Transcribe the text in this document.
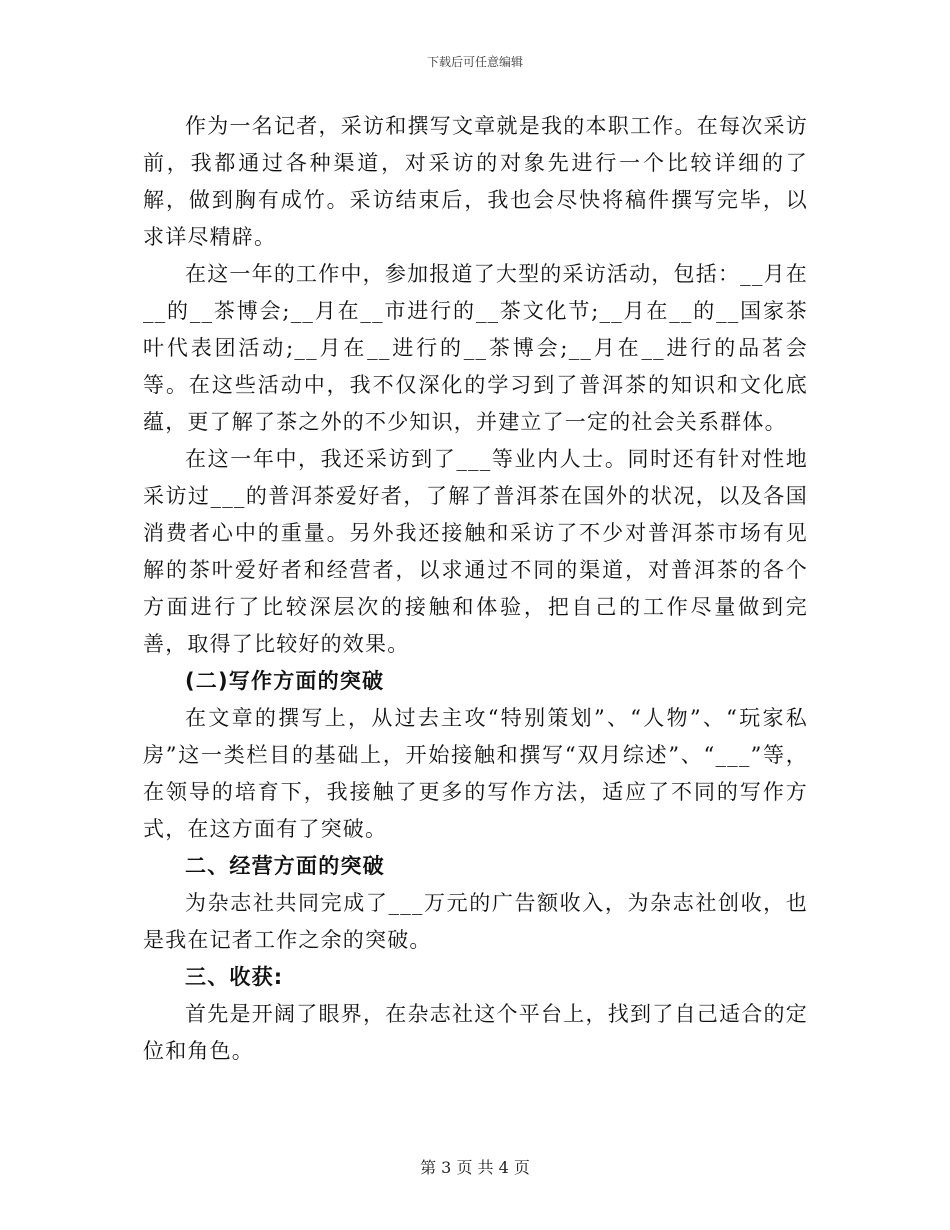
下载后可任意编辑

作为一名记者，采访和撰写文章就是我的本职工作。在每次采访前，我都通过各种渠道，对采访的对象先进行一个比较详细的了解，做到胸有成竹。采访结束后，我也会尽快将稿件撰写完毕，以求详尽精辟。

在这一年的工作中，参加报道了大型的采访活动，包括：__月在__的__茶博会;__月在__市进行的__茶文化节;__月在__的__国家茶叶代表团活动;__月在__进行的__茶博会;__月在__进行的品茗会等。在这些活动中，我不仅深化的学习到了普洱茶的知识和文化底蕴，更了解了茶之外的不少知识，并建立了一定的社会关系群体。

在这一年中，我还采访到了___等业内人士。同时还有针对性地采访过___的普洱茶爱好者，了解了普洱茶在国外的状况，以及各国消费者心中的重量。另外我还接触和采访了不少对普洱茶市场有见解的茶叶爱好者和经营者，以求通过不同的渠道，对普洱茶的各个方面进行了比较深层次的接触和体验，把自己的工作尽量做到完善，取得了比较好的效果。

(二)写作方面的突破

在文章的撰写上，从过去主攻“特别策划”、“人物”、“玩家私房”这一类栏目的基础上，开始接触和撰写“双月综述”、“___”等，在领导的培育下，我接触了更多的写作方法，适应了不同的写作方式，在这方面有了突破。

二、经营方面的突破

为杂志社共同完成了___万元的广告额收入，为杂志社创收，也是我在记者工作之余的突破。

三、收获:

首先是开阔了眼界，在杂志社这个平台上，找到了自己适合的定位和角色。

第 3 页 共 4 页
